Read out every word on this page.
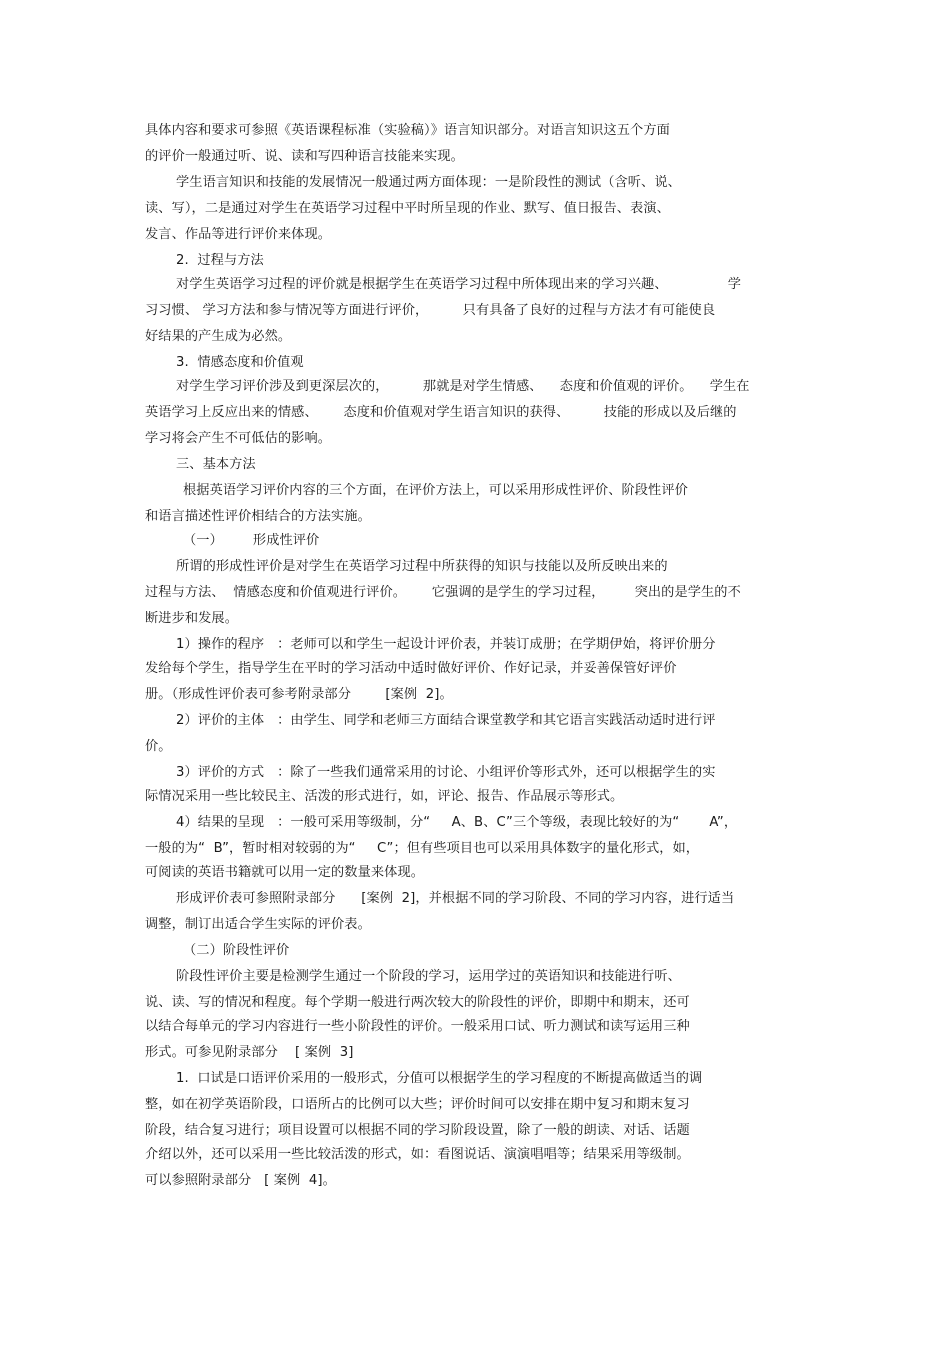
具体内容和要求可参照《英语课程标准（实验稿）》语言知识部分。对语言知识这五个方面
的评价一般通过听、说、读和写四种语言技能来实现。
学生语言知识和技能的发展情况一般通过两方面体现：一是阶段性的测试（含听、说、
读、写），二是通过对学生在英语学习过程中平时所呈现的作业、默写、值日报告、表演、
发言、作品等进行评价来体现。
2.  过程与方法
对学生英语学习过程的评价就是根据学生在英语学习过程中所体现出来的学习兴趣、              学
习习惯、 学习方法和参与情况等方面进行评价，        只有具备了良好的过程与方法才有可能使良
好结果的产生成为必然。
3.  情感态度和价值观
对学生学习评价涉及到更深层次的，        那就是对学生情感、    态度和价值观的评价。    学生在
英语学习上反应出来的情感、      态度和价值观对学生语言知识的获得、        技能的形成以及后继的
学习将会产生不可低估的影响。
三、基本方法
根据英语学习评价内容的三个方面，在评价方法上，可以采用形成性评价、阶段性评价
和语言描述性评价相结合的方法实施。
（一）       形成性评价
所谓的形成性评价是对学生在英语学习过程中所获得的知识与技能以及所反映出来的
过程与方法、  情感态度和价值观进行评价。      它强调的是学生的学习过程，       突出的是学生的不
断进步和发展。
1）操作的程序   ：老师可以和学生一起设计评价表，并装订成册；在学期伊始，将评价册分
发给每个学生，指导学生在平时的学习活动中适时做好评价、作好记录，并妥善保管好评价
册。（形成性评价表可参考附录部分        [案例  2]。
2）评价的主体   ：由学生、同学和老师三方面结合课堂教学和其它语言实践活动适时进行评
价。
3）评价的方式   ：除了一些我们通常采用的讨论、小组评价等形式外，还可以根据学生的实
际情况采用一些比较民主、活泼的形式进行，如，评论、报告、作品展示等形式。
4）结果的呈现   ：一般可采用等级制，分“     A、B、C”三个等级，表现比较好的为“       A”，
一般的为“  B”，暂时相对较弱的为“     C”；但有些项目也可以采用具体数字的量化形式，如，
可阅读的英语书籍就可以用一定的数量来体现。
形成评价表可参照附录部分      [案例  2]，并根据不同的学习阶段、不同的学习内容，进行适当
调整，制订出适合学生实际的评价表。
（二）阶段性评价
阶段性评价主要是检测学生通过一个阶段的学习，运用学过的英语知识和技能进行听、
说、读、写的情况和程度。每个学期一般进行两次较大的阶段性的评价，即期中和期末，还可
以结合每单元的学习内容进行一些小阶段性的评价。一般采用口试、听力测试和读写运用三种
形式。可参见附录部分    [ 案例  3]
1.  口试是口语评价采用的一般形式，分值可以根据学生的学习程度的不断提高做适当的调
整，如在初学英语阶段，口语所占的比例可以大些；评价时间可以安排在期中复习和期末复习
阶段，结合复习进行；项目设置可以根据不同的学习阶段设置，除了一般的朗读、对话、话题
介绍以外，还可以采用一些比较活泼的形式，如：看图说话、演演唱唱等；结果采用等级制。
可以参照附录部分   [ 案例  4]。
